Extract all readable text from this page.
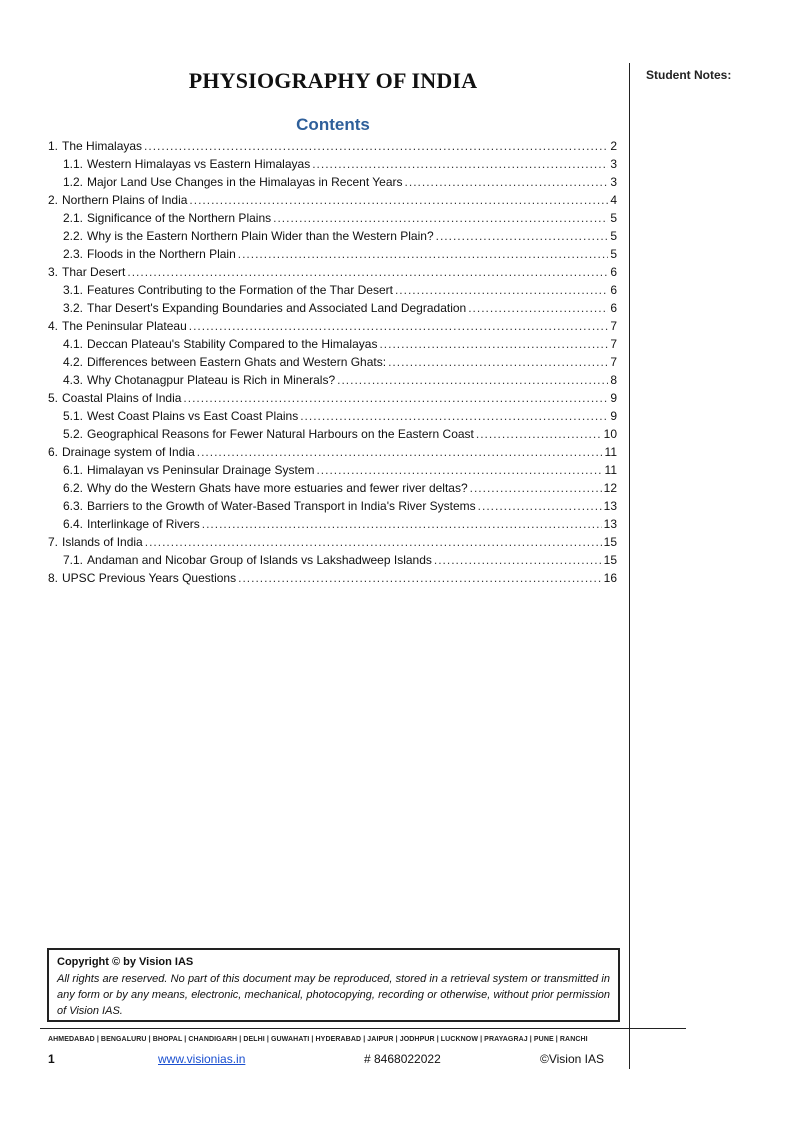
Student Notes:
PHYSIOGRAPHY OF INDIA
Contents
1. The Himalayas .....	2
1.1. Western Himalayas vs Eastern Himalayas .....	3
1.2. Major Land Use Changes in the Himalayas in Recent Years .....	3
2. Northern Plains of India .....	4
2.1. Significance of the Northern Plains .....	5
2.2. Why is the Eastern Northern Plain Wider than the Western Plain? .....	5
2.3. Floods in the Northern Plain .....	5
3. Thar Desert .....	6
3.1. Features Contributing to the Formation of the Thar Desert .....	6
3.2. Thar Desert's Expanding Boundaries and Associated Land Degradation .....	6
4. The Peninsular Plateau .....	7
4.1. Deccan Plateau's Stability Compared to the Himalayas .....	7
4.2. Differences between Eastern Ghats and Western Ghats: .....	7
4.3. Why Chotanagpur Plateau is Rich in Minerals? .....	8
5. Coastal Plains of India .....	9
5.1. West Coast Plains vs East Coast Plains .....	9
5.2. Geographical Reasons for Fewer Natural Harbours on the Eastern Coast .....	10
6. Drainage system of India .....	11
6.1. Himalayan vs Peninsular Drainage System .....	11
6.2. Why do the Western Ghats have more estuaries and fewer river deltas? .....	12
6.3. Barriers to the Growth of Water-Based Transport in India's River Systems .....	13
6.4. Interlinkage of Rivers .....	13
7. Islands of India .....	15
7.1. Andaman and Nicobar Group of Islands vs Lakshadweep Islands .....	15
8. UPSC Previous Years Questions .....	16
Copyright © by Vision IAS
All rights are reserved. No part of this document may be reproduced, stored in a retrieval system or transmitted in any form or by any means, electronic, mechanical, photocopying, recording or otherwise, without prior permission of Vision IAS.
AHMEDABAD | BENGALURU | BHOPAL | CHANDIGARH | DELHI | GUWAHATI | HYDERABAD | JAIPUR | JODHPUR | LUCKNOW | PRAYAGRAJ | PUNE | RANCHI
1	www.visionias.in	# 8468022022	©Vision IAS
